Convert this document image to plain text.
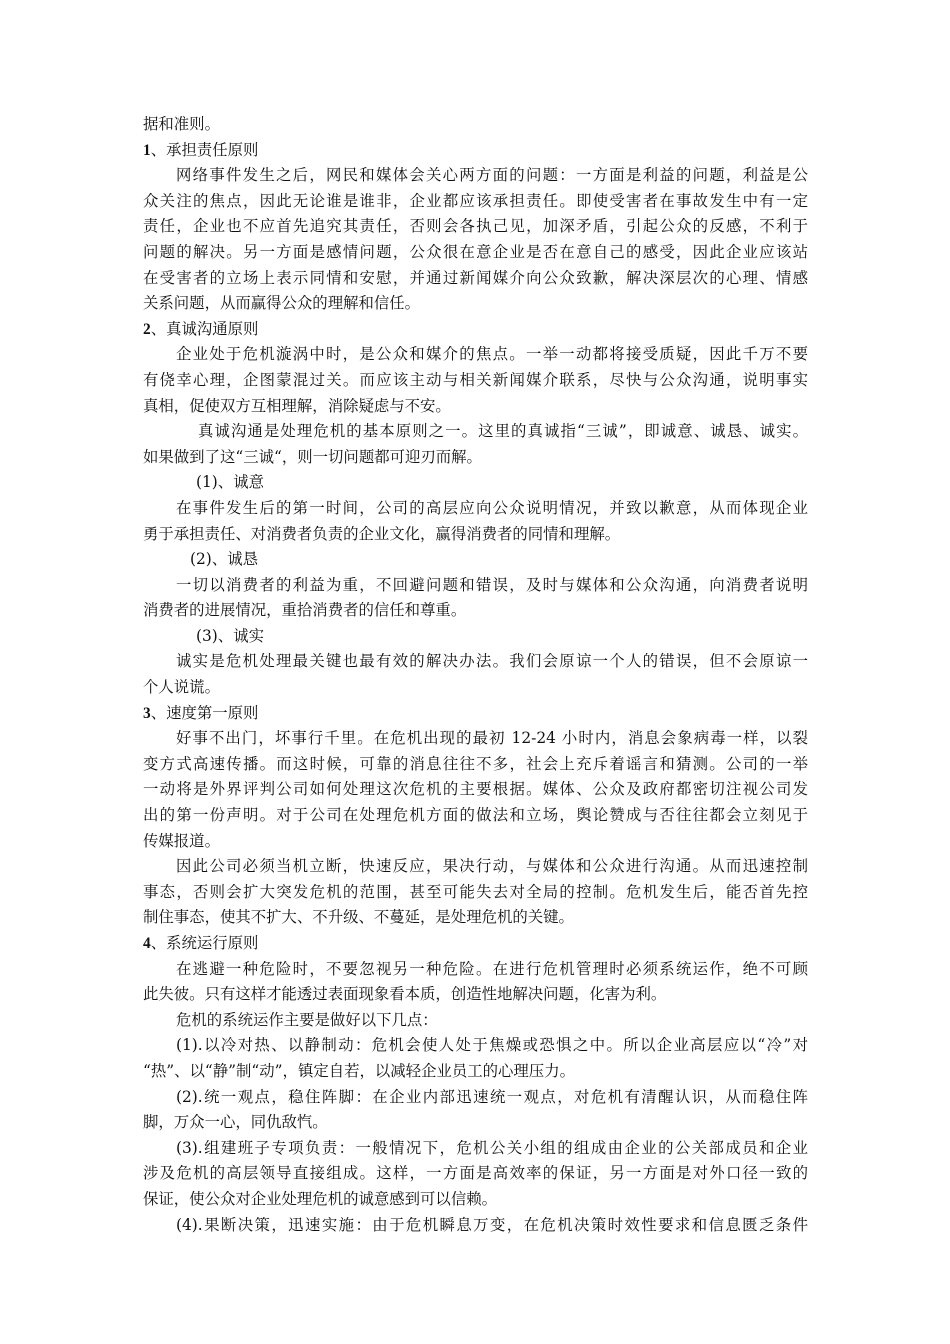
据和准则。
1、承担责任原则
网络事件发生之后，网民和媒体会关心两方面的问题：一方面是利益的问题，利益是公
众关注的焦点，因此无论谁是谁非，企业都应该承担责任。即使受害者在事故发生中有一定
责任，企业也不应首先追究其责任，否则会各执己见，加深矛盾，引起公众的反感，不利于
问题的解决。另一方面是感情问题，公众很在意企业是否在意自己的感受，因此企业应该站
在受害者的立场上表示同情和安慰，并通过新闻媒介向公众致歉，解决深层次的心理、情感
关系问题，从而赢得公众的理解和信任。
2、真诚沟通原则
企业处于危机漩涡中时，是公众和媒介的焦点。一举一动都将接受质疑，因此千万不要
有侥幸心理，企图蒙混过关。而应该主动与相关新闻媒介联系，尽快与公众沟通，说明事实
真相，促使双方互相理解，消除疑虑与不安。
真诚沟通是处理危机的基本原则之一。这里的真诚指“三诚”，即诚意、诚恳、诚实。
如果做到了这“三诚“，则一切问题都可迎刃而解。
(1)、诚意
在事件发生后的第一时间，公司的高层应向公众说明情况，并致以歉意，从而体现企业
勇于承担责任、对消费者负责的企业文化，赢得消费者的同情和理解。
(2)、诚恳
一切以消费者的利益为重，不回避问题和错误，及时与媒体和公众沟通，向消费者说明
消费者的进展情况，重拾消费者的信任和尊重。
(3)、诚实
诚实是危机处理最关键也最有效的解决办法。我们会原谅一个人的错误，但不会原谅一
个人说谎。
3、速度第一原则
好事不出门，坏事行千里。在危机出现的最初 12-24 小时内，消息会象病毒一样，以裂
变方式高速传播。而这时候，可靠的消息往往不多，社会上充斥着谣言和猜测。公司的一举
一动将是外界评判公司如何处理这次危机的主要根据。媒体、公众及政府都密切注视公司发
出的第一份声明。对于公司在处理危机方面的做法和立场，舆论赞成与否往往都会立刻见于
传媒报道。
因此公司必须当机立断，快速反应，果决行动，与媒体和公众进行沟通。从而迅速控制
事态，否则会扩大突发危机的范围，甚至可能失去对全局的控制。危机发生后，能否首先控
制住事态，使其不扩大、不升级、不蔓延，是处理危机的关键。
4、系统运行原则
在逃避一种危险时，不要忽视另一种危险。在进行危机管理时必须系统运作，绝不可顾
此失彼。只有这样才能透过表面现象看本质，创造性地解决问题，化害为利。
危机的系统运作主要是做好以下几点：
(1).以冷对热、以静制动：危机会使人处于焦燥或恐惧之中。所以企业高层应以“冷”对
“热”、以“静”制“动”，镇定自若，以减轻企业员工的心理压力。
(2).统一观点，稳住阵脚：在企业内部迅速统一观点，对危机有清醒认识，从而稳住阵
脚，万众一心，同仇敌忾。
(3).组建班子专项负责：一般情况下，危机公关小组的组成由企业的公关部成员和企业
涉及危机的高层领导直接组成。这样，一方面是高效率的保证，另一方面是对外口径一致的
保证，使公众对企业处理危机的诚意感到可以信赖。
(4).果断决策，迅速实施：由于危机瞬息万变，在危机决策时效性要求和信息匮乏条件
